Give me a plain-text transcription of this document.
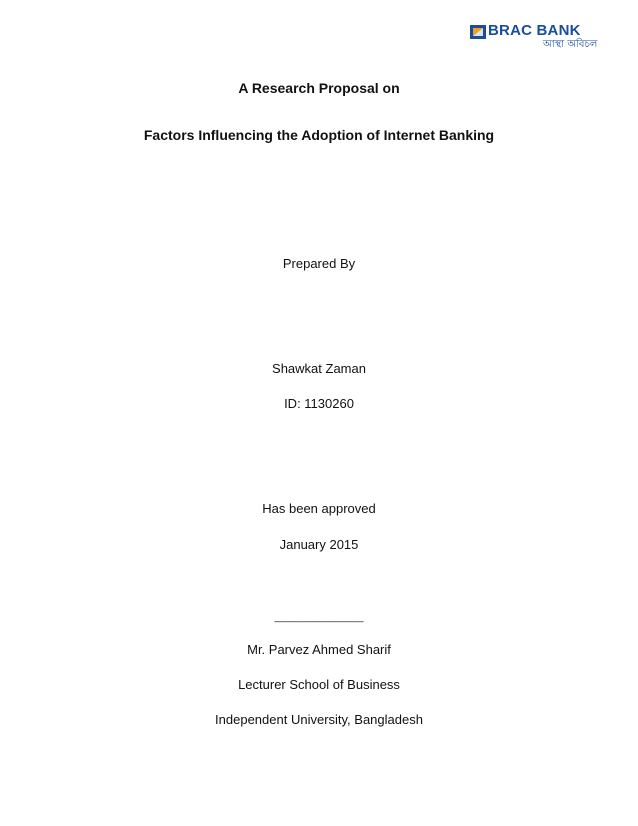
BRAC BANK
আস্থা অবিচল
A Research Proposal on
Factors Influencing the Adoption of Internet Banking
Prepared By
Shawkat Zaman
ID: 1130260
Has been approved
January 2015
________________
Mr. Parvez Ahmed Sharif
Lecturer School of Business
Independent University, Bangladesh
